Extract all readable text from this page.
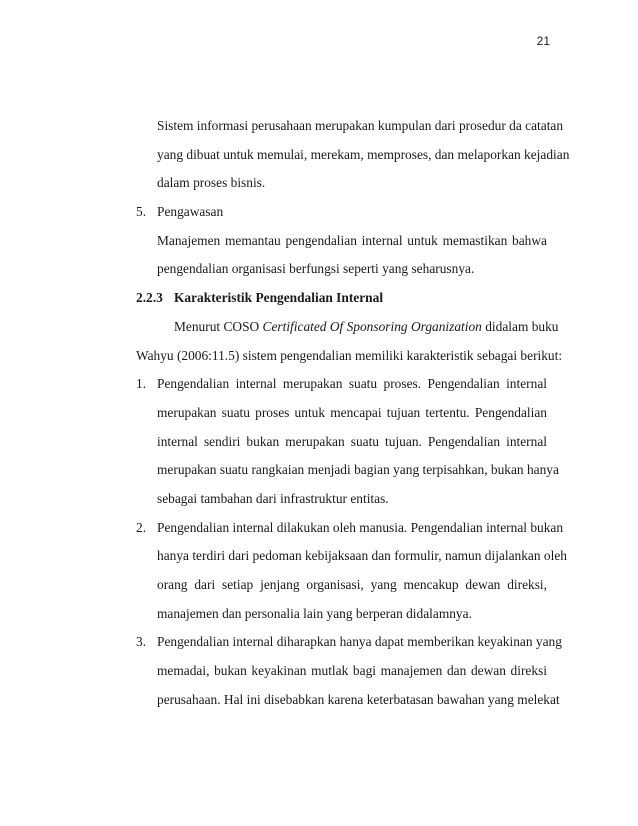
21
Sistem informasi perusahaan merupakan kumpulan dari prosedur da catatan
yang dibuat untuk memulai, merekam, memproses, dan melaporkan kejadian
dalam proses bisnis.
5. Pengawasan
Manajemen memantau pengendalian internal untuk memastikan bahwa
pengendalian organisasi berfungsi seperti yang seharusnya.
2.2.3 Karakteristik Pengendalian Internal
Menurut COSO Certificated Of Sponsoring Organization didalam buku
Wahyu (2006:11.5) sistem pengendalian memiliki karakteristik sebagai berikut:
1. Pengendalian internal merupakan suatu proses. Pengendalian internal
merupakan suatu proses untuk mencapai tujuan tertentu. Pengendalian
internal sendiri bukan merupakan suatu tujuan. Pengendalian internal
merupakan suatu rangkaian menjadi bagian yang terpisahkan, bukan hanya
sebagai tambahan dari infrastruktur entitas.
2. Pengendalian internal dilakukan oleh manusia. Pengendalian internal bukan
hanya terdiri dari pedoman kebijaksaan dan formulir, namun dijalankan oleh
orang dari setiap jenjang organisasi, yang mencakup dewan direksi,
manajemen dan personalia lain yang berperan didalamnya.
3. Pengendalian internal diharapkan hanya dapat memberikan keyakinan yang
memadai, bukan keyakinan mutlak bagi manajemen dan dewan direksi
perusahaan. Hal ini disebabkan karena keterbatasan bawahan yang melekat
